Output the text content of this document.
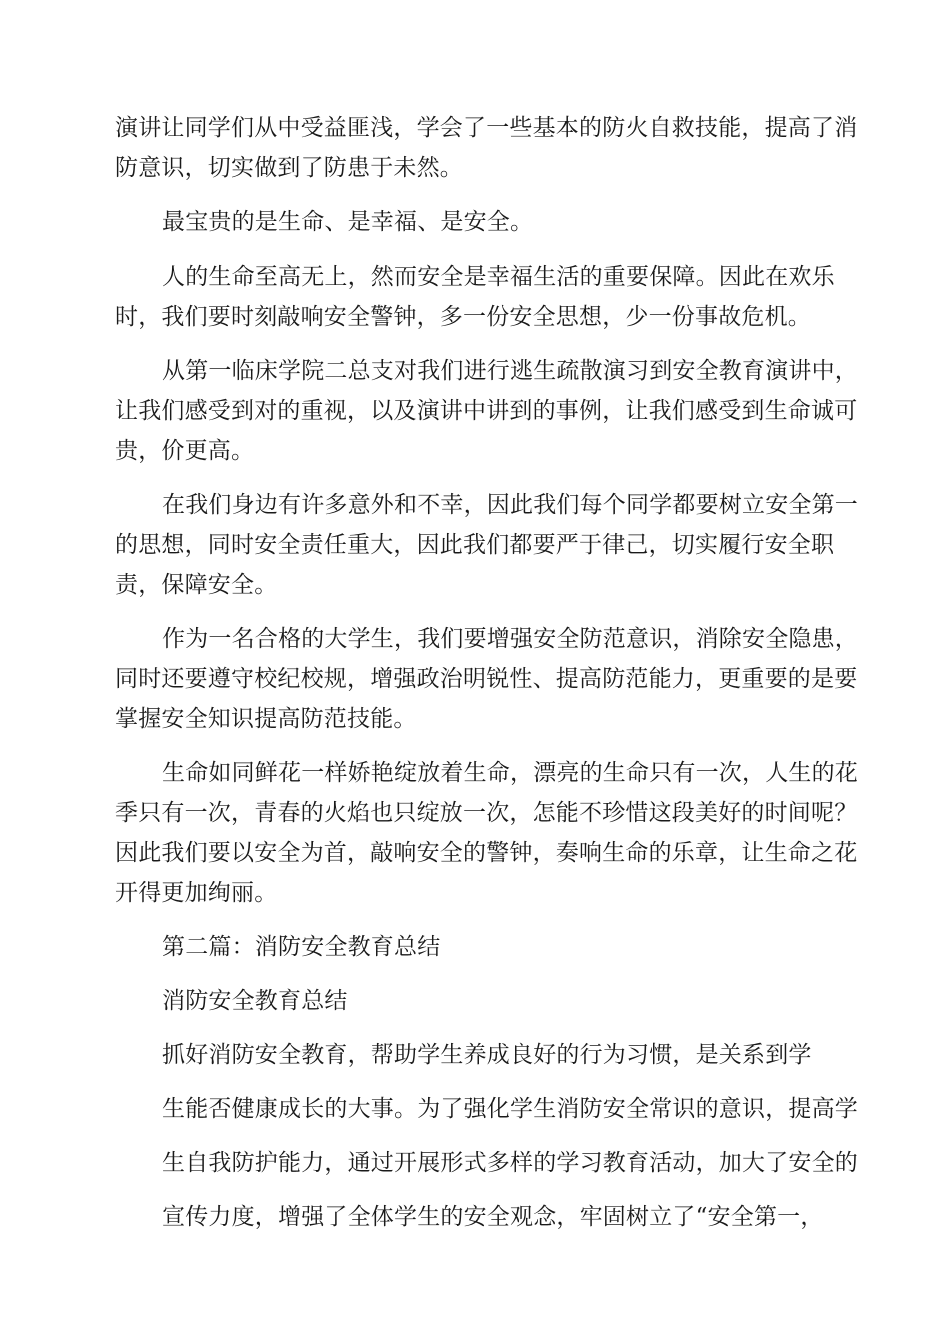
演讲让同学们从中受益匪浅，学会了一些基本的防火自救技能，提高了消
防意识，切实做到了防患于未然。
最宝贵的是生命、是幸福、是安全。
人的生命至高无上，然而安全是幸福生活的重要保障。因此在欢乐
时，我们要时刻敲响安全警钟，多一份安全思想，少一份事故危机。
从第一临床学院二总支对我们进行逃生疏散演习到安全教育演讲中，
让我们感受到对的重视，以及演讲中讲到的事例，让我们感受到生命诚可
贵，价更高。
在我们身边有许多意外和不幸，因此我们每个同学都要树立安全第一
的思想，同时安全责任重大，因此我们都要严于律己，切实履行安全职
责，保障安全。
作为一名合格的大学生，我们要增强安全防范意识，消除安全隐患，
同时还要遵守校纪校规，增强政治明锐性、提高防范能力，更重要的是要
掌握安全知识提高防范技能。
生命如同鲜花一样娇艳绽放着生命，漂亮的生命只有一次，人生的花
季只有一次，青春的火焰也只绽放一次，怎能不珍惜这段美好的时间呢？
因此我们要以安全为首，敲响安全的警钟，奏响生命的乐章，让生命之花
开得更加绚丽。
第二篇：消防安全教育总结
消防安全教育总结
抓好消防安全教育，帮助学生养成良好的行为习惯，是关系到学
生能否健康成长的大事。为了强化学生消防安全常识的意识，提高学
生自我防护能力，通过开展形式多样的学习教育活动，加大了安全的
宣传力度，增强了全体学生的安全观念，牢固树立了“安全第一，
